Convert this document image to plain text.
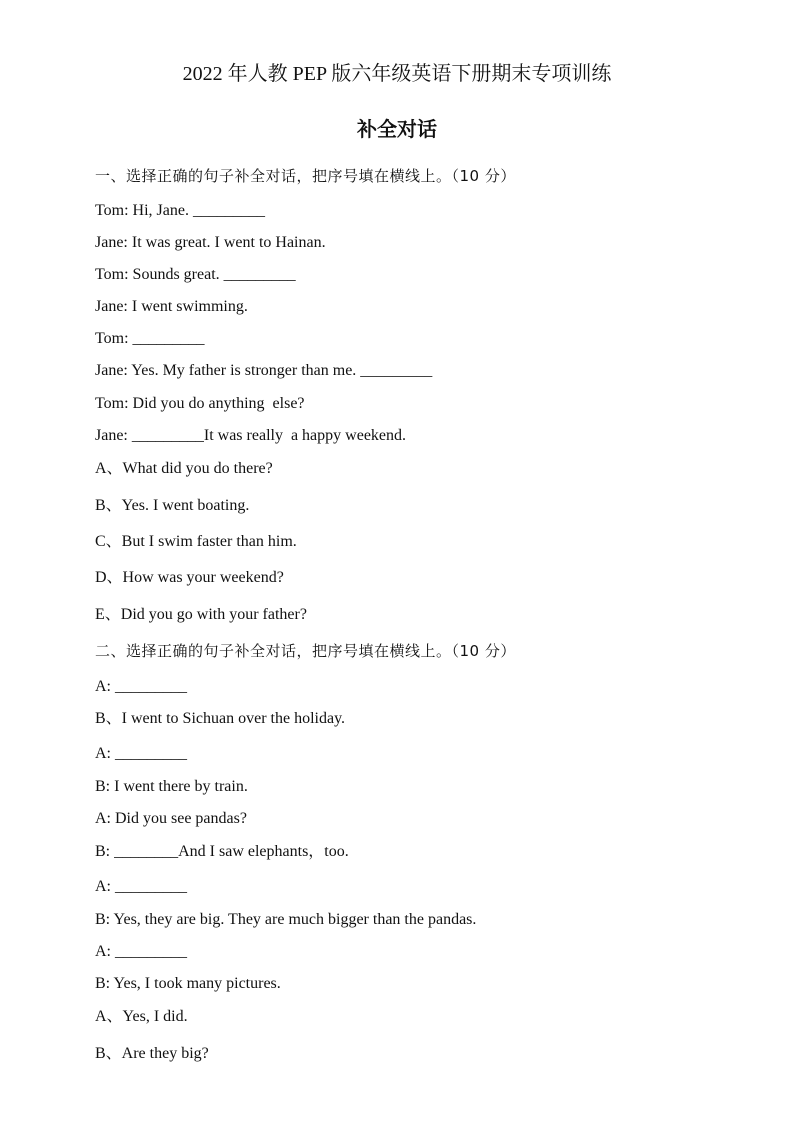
2022 年人教 PEP 版六年级英语下册期末专项训练
补全对话
一、选择正确的句子补全对话，把序号填在横线上。（10 分）
Tom: Hi, Jane. _________
Jane: It was great. I went to Hainan.
Tom: Sounds great. _________
Jane: I went swimming.
Tom: _________
Jane: Yes. My father is stronger than me. _________
Tom: Did you do anything  else?
Jane: _________It was really  a happy weekend.
A、What did you do there?
B、Yes. I went boating.
C、But I swim faster than him.
D、How was your weekend?
E、Did you go with your father?
二、选择正确的句子补全对话，把序号填在横线上。（10 分）
A: _________
B、I went to Sichuan over the holiday.
A: _________
B: I went there by train.
A: Did you see pandas?
B: ________And I saw elephants，too.
A: _________
B: Yes, they are big. They are much bigger than the pandas.
A: _________
B: Yes, I took many pictures.
A、Yes, I did.
B、Are they big?
